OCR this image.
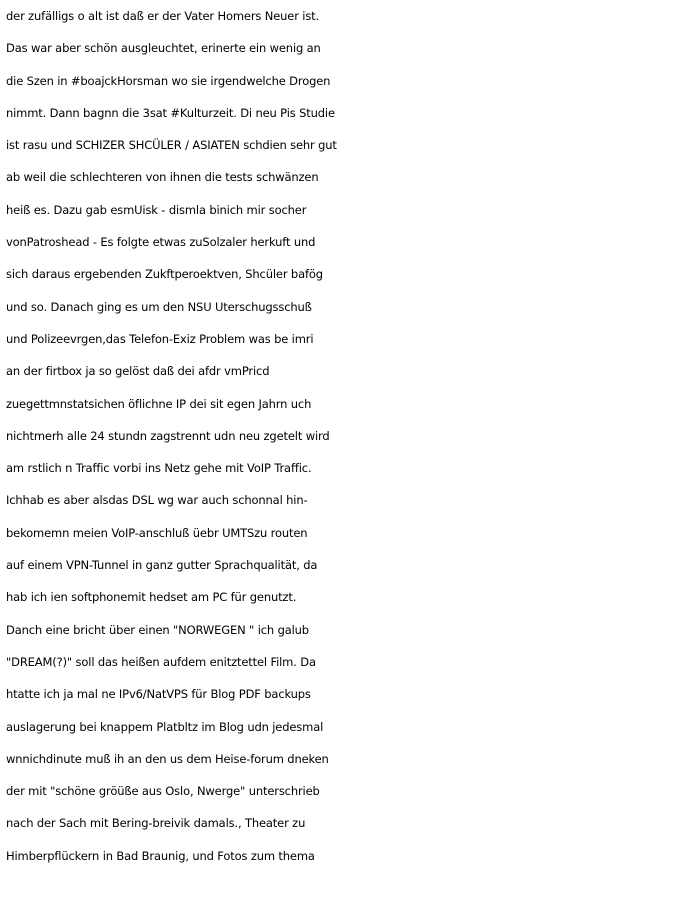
der zufälligs o alt ist daß er der Vater Homers Neuer ist.
Das war aber schön ausgleuchtet, erinerte ein wenig an
die Szen in #boajckHorsman wo sie irgendwelche Drogen
nimmt. Dann bagnn die 3sat #Kulturzeit. Di neu Pis Studie
ist rasu und SCHIZER SHCÜLER / ASIATEN schdien sehr gut
ab weil die schlechteren von ihnen die tests schwänzen
heiß es. Dazu gab esmUisk - dismla binich mir socher
vonPatroshead - Es folgte etwas zuSolzaler herkuft und
sich daraus ergebenden Zukftperoektven, Shcüler bafög
und so. Danach ging es um den NSU Uterschugsschuß
und Polizeevrgen,das Telefon-Exiz Problem was be imri
an der firtbox ja so gelöst daß dei afdr vmPricd
zuegettmnstatsichen öflichne IP dei sit egen Jahrn uch
nichtmerh alle 24 stundn zagstrennt udn neu zgetelt wird
am rstlich n Traffic vorbi ins Netz gehe mit VoIP Traffic.
Ichhab es aber alsdas DSL wg war auch schonnal hin-
bekomemn meien VoIP-anschluß üebr UMTSzu routen
auf einem VPN-Tunnel in ganz gutter Sprachqualität, da
hab ich ien softphonemit hedset am PC für genutzt.
Danch eine bricht über einen "NORWEGEN " ich galub
"DREAM(?)" soll das heißen aufdem enitztettel Film. Da
htatte ich ja mal ne IPv6/NatVPS für Blog PDF backups
auslagerung bei knappem Platbltz im Blog udn jedesmal
wnnichdinute muß ih an den us dem Heise-forum dneken
der mit "schöne gröüße aus Oslo, Nwerge" unterschrieb
nach der Sach mit Bering-breivik damals., Theater zu
Himberpflückern in Bad Braunig, und Fotos zum thema
